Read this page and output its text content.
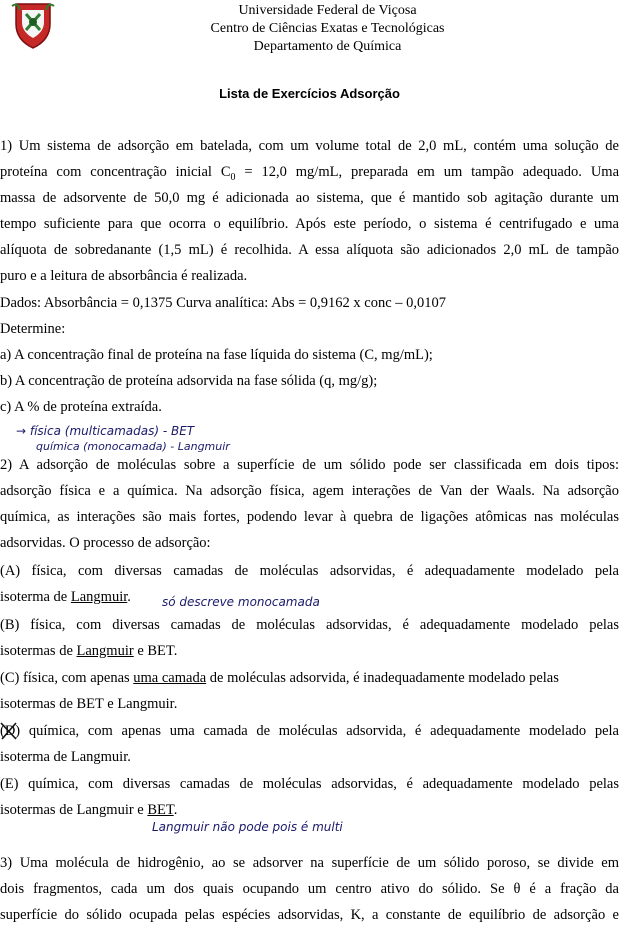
Universidade Federal de Viçosa
Centro de Ciências Exatas e Tecnológicas
Departamento de Química
Lista de Exercícios Adsorção

1) Um sistema de adsorção em batelada, com um volume total de 2,0 mL, contém uma solução de

proteína com concentração inicial $C_0 = 12,0$ mg/mL, preparada em um tampão adequado. Uma

massa de adsorvente de 50,0 mg é adicionada ao sistema, que é mantido sob agitação durante um

tempo suficiente para que ocorra o equilíbrio. Após este período, o sistema é centrifugado e uma

alíquota de sobredanante (1,5 mL) é recolhida. A essa alíquota são adicionados 2,0 mL de tampão

puro e a leitura de absorbância é realizada.

Dados: Absorbância = 0,1375 Curva analítica: Abs = 0,9162 x conc – 0,0107

Determine:

a) A concentração final de proteína na fase líquida do sistema (C, mg/mL);

b) A concentração de proteína adsorvida na fase sólida (q, mg/g);

c) A % de proteína extraída.

→ física (multicamadas) - BET
química (monocamada) - Langmuir

2) A adsorção de moléculas sobre a superfície de um sólido pode ser classificada em dois tipos:

adsorção física e a química. Na adsorção física, agem interações de Van der Waals. Na adsorção

química, as interações são mais fortes, podendo levar à quebra de ligações atômicas nas moléculas

adsorvidas. O processo de adsorção:

(A) física, com diversas camadas de moléculas adsorvidas, é adequadamente modelado pela

isoterma de Langmuir.	só descreve monocamada

(B) física, com diversas camadas de moléculas adsorvidas, é adequadamente modelado pelas

isotermas de Langmuir e BET.

(C) física, com apenas uma camada de moléculas adsorvida, é inadequadamente modelado pelas

isotermas de BET e Langmuir.

(D) química, com apenas uma camada de moléculas adsorvida, é adequadamente modelado pela

isoterma de Langmuir.

(E) química, com diversas camadas de moléculas adsorvidas, é adequadamente modelado pelas

isotermas de Langmuir e BET.

Langmuir não pode pois é multi

3) Uma molécula de hidrogênio, ao se adsorver na superfície de um sólido poroso, se divide em

dois fragmentos, cada um dos quais ocupando um centro ativo do sólido. Se θ é a fração da

superfície do sólido ocupada pelas espécies adsorvidas, K, a constante de equilíbrio de adsorção e
